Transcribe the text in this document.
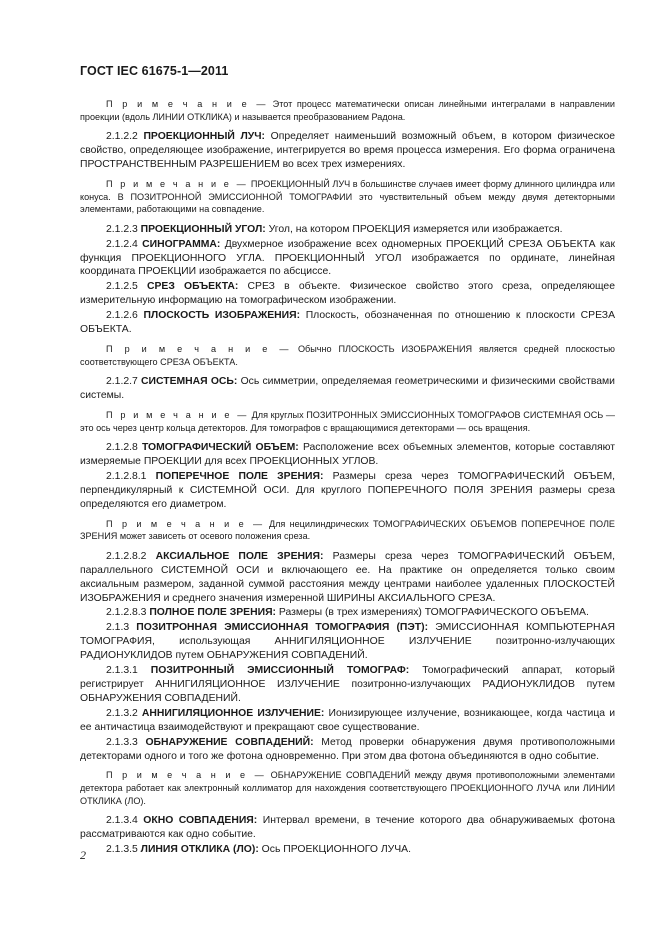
ГОСТ IEC 61675-1—2011

П р и м е ч а н и е — Этот процесс математически описан линейными интегралами в направлении проекции (вдоль ЛИНИИ ОТКЛИКА) и называется преобразованием Радона.

2.1.2.2 ПРОЕКЦИОННЫЙ ЛУЧ: Определяет наименьший возможный объем, в котором физическое свойство, определяющее изображение, интегрируется во время процесса измерения. Его форма ограничена ПРОСТРАНСТВЕННЫМ РАЗРЕШЕНИЕМ во всех трех измерениях.

П р и м е ч а н и е — ПРОЕКЦИОННЫЙ ЛУЧ в большинстве случаев имеет форму длинного цилиндра или конуса. В ПОЗИТРОННОЙ ЭМИССИОННОЙ ТОМОГРАФИИ это чувствительный объем между двумя детекторными элементами, работающими на совпадение.

2.1.2.3 ПРОЕКЦИОННЫЙ УГОЛ: Угол, на котором ПРОЕКЦИЯ измеряется или изображается.

2.1.2.4 СИНОГРАММА: Двухмерное изображение всех одномерных ПРОЕКЦИЙ СРЕЗА ОБЪЕКТА как функция ПРОЕКЦИОННОГО УГЛА. ПРОЕКЦИОННЫЙ УГОЛ изображается по ординате, линейная координата ПРОЕКЦИИ изображается по абсциссе.

2.1.2.5 СРЕЗ ОБЪЕКТА: СРЕЗ в объекте. Физическое свойство этого среза, определяющее измерительную информацию на томографическом изображении.

2.1.2.6 ПЛОСКОСТЬ ИЗОБРАЖЕНИЯ: Плоскость, обозначенная по отношению к плоскости СРЕЗА ОБЪЕКТА.

П р и м е ч а н и е — Обычно ПЛОСКОСТЬ ИЗОБРАЖЕНИЯ является средней плоскостью соответствующего СРЕЗА ОБЪЕКТА.

2.1.2.7 СИСТЕМНАЯ ОСЬ: Ось симметрии, определяемая геометрическими и физическими свойствами системы.

П р и м е ч а н и е — Для круглых ПОЗИТРОННЫХ ЭМИССИОННЫХ ТОМОГРАФОВ СИСТЕМНАЯ ОСЬ — это ось через центр кольца детекторов. Для томографов с вращающимися детекторами — ось вращения.

2.1.2.8 ТОМОГРАФИЧЕСКИЙ ОБЪЕМ: Расположение всех объемных элементов, которые составляют измеряемые ПРОЕКЦИИ для всех ПРОЕКЦИОННЫХ УГЛОВ.

2.1.2.8.1 ПОПЕРЕЧНОЕ ПОЛЕ ЗРЕНИЯ: Размеры среза через ТОМОГРАФИЧЕСКИЙ ОБЪЕМ, перпендикулярный к СИСТЕМНОЙ ОСИ. Для круглого ПОПЕРЕЧНОГО ПОЛЯ ЗРЕНИЯ размеры среза определяются его диаметром.

П р и м е ч а н и е — Для нецилиндрических ТОМОГРАФИЧЕСКИХ ОБЪЕМОВ ПОПЕРЕЧНОЕ ПОЛЕ ЗРЕНИЯ может зависеть от осевого положения среза.

2.1.2.8.2 АКСИАЛЬНОЕ ПОЛЕ ЗРЕНИЯ: Размеры среза через ТОМОГРАФИЧЕСКИЙ ОБЪЕМ, параллельного СИСТЕМНОЙ ОСИ и включающего ее. На практике он определяется только своим аксиальным размером, заданной суммой расстояния между центрами наиболее удаленных ПЛОСКОСТЕЙ ИЗОБРАЖЕНИЯ и среднего значения измеренной ШИРИНЫ АКСИАЛЬНОГО СРЕЗА.

2.1.2.8.3 ПОЛНОЕ ПОЛЕ ЗРЕНИЯ: Размеры (в трех измерениях) ТОМОГРАФИЧЕСКОГО ОБЪЕМА.

2.1.3 ПОЗИТРОННАЯ ЭМИССИОННАЯ ТОМОГРАФИЯ (ПЭТ): ЭМИССИОННАЯ КОМПЬЮТЕРНАЯ ТОМОГРАФИЯ, использующая АННИГИЛЯЦИОННОЕ ИЗЛУЧЕНИЕ позитронно-излучающих РАДИОНУКЛИДОВ путем ОБНАРУЖЕНИЯ СОВПАДЕНИЙ.

2.1.3.1 ПОЗИТРОННЫЙ ЭМИССИОННЫЙ ТОМОГРАФ: Томографический аппарат, который регистрирует АННИГИЛЯЦИОННОЕ ИЗЛУЧЕНИЕ позитронно-излучающих РАДИОНУКЛИДОВ путем ОБНАРУЖЕНИЯ СОВПАДЕНИЙ.

2.1.3.2 АННИГИЛЯЦИОННОЕ ИЗЛУЧЕНИЕ: Ионизирующее излучение, возникающее, когда частица и ее античастица взаимодействуют и прекращают свое существование.

2.1.3.3 ОБНАРУЖЕНИЕ СОВПАДЕНИЙ: Метод проверки обнаружения двумя противоположными детекторами одного и того же фотона одновременно. При этом два фотона объединяются в одно событие.

П р и м е ч а н и е — ОБНАРУЖЕНИЕ СОВПАДЕНИЙ между двумя противоположными элементами детектора работает как электронный коллиматор для нахождения соответствующего ПРОЕКЦИОННОГО ЛУЧА или ЛИНИИ ОТКЛИКА (ЛО).

2.1.3.4 ОКНО СОВПАДЕНИЯ: Интервал времени, в течение которого два обнаруживаемых фотона рассматриваются как одно событие.

2.1.3.5 ЛИНИЯ ОТКЛИКА (ЛО): Ось ПРОЕКЦИОННОГО ЛУЧА.

2
